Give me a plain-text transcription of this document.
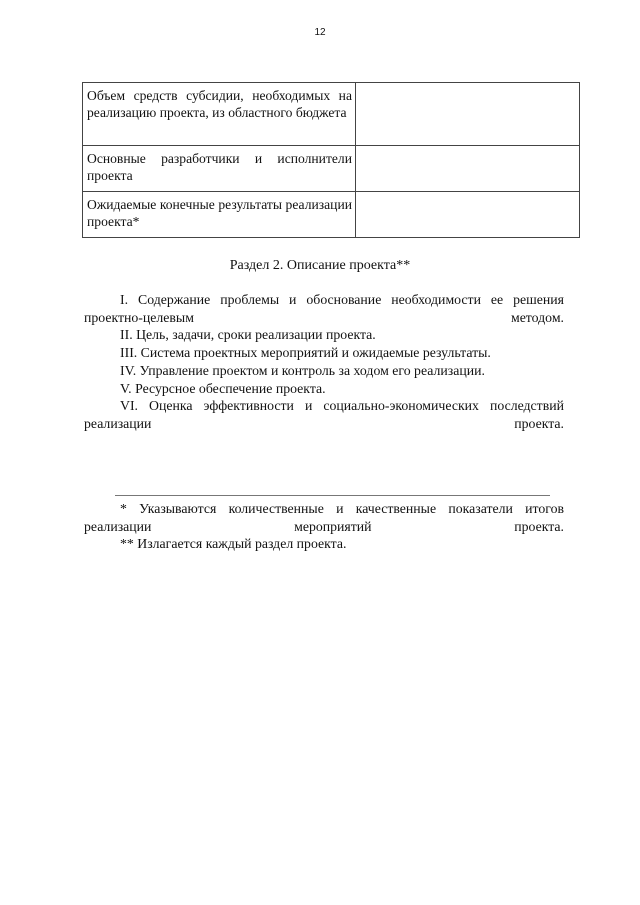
12
Объем средств субсидии, необходимых на реализацию проекта, из областного бюджета	
Основные разработчики и исполнители проекта	
Ожидаемые конечные результаты реализации проекта*	
Раздел 2. Описание проекта**

I. Содержание проблемы и обоснование необходимости ее решения проектно-целевым методом.

II. Цель, задачи, сроки реализации проекта.

III. Система проектных мероприятий и ожидаемые результаты.

IV. Управление проектом и контроль за ходом его реализации.

V. Ресурсное обеспечение проекта.

VI. Оценка эффективности и социально-экономических последствий реализации проекта.

* Указываются количественные и качественные показатели итогов реализации мероприятий проекта.

** Излагается каждый раздел проекта.
